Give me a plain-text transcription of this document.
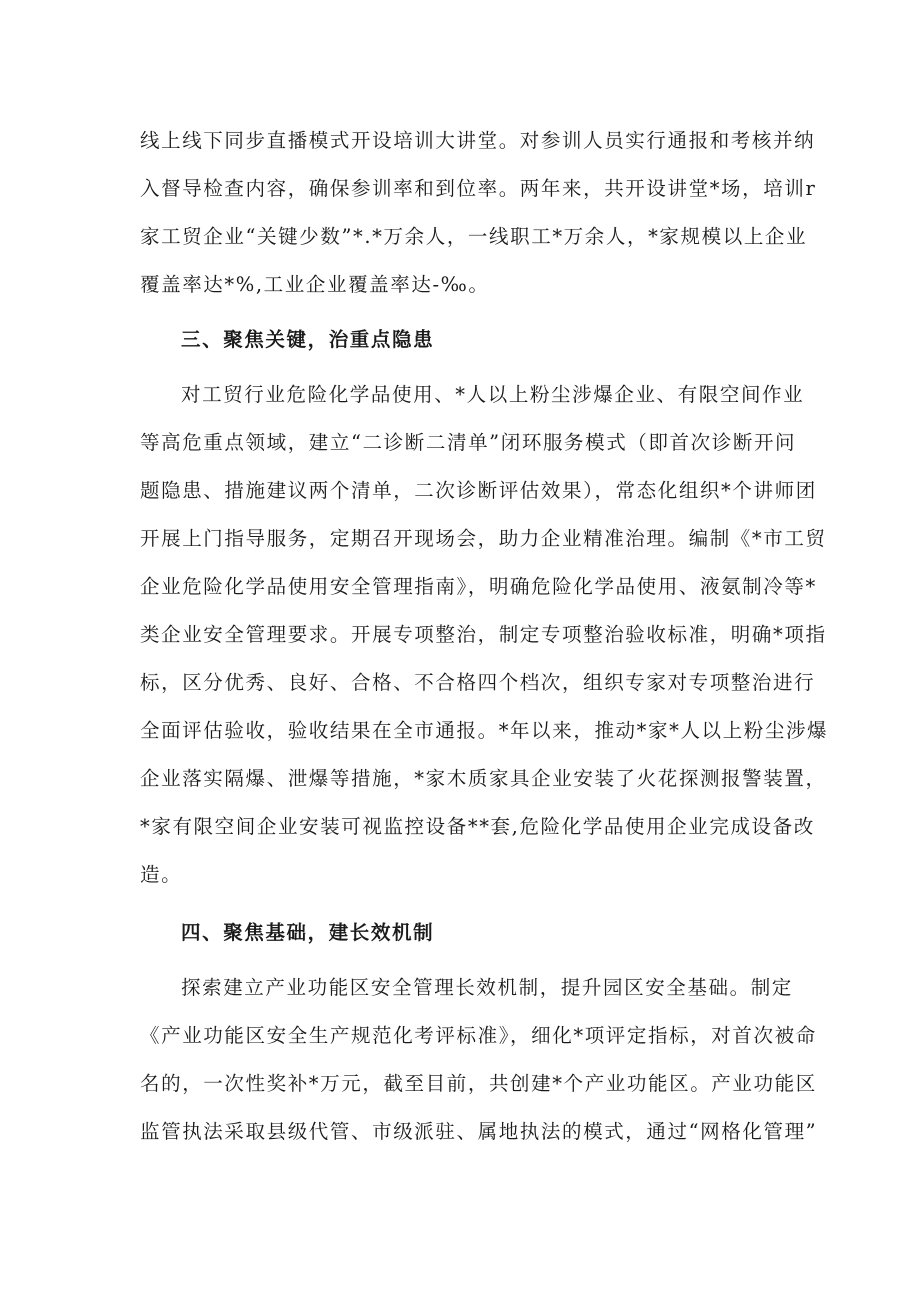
线上线下同步直播模式开设培训大讲堂。对参训人员实行通报和考核并纳
入督导检查内容，确保参训率和到位率。两年来，共开设讲堂*场，培训r
家工贸企业“关键少数”*.*万余人，一线职工*万余人，*家规模以上企业
覆盖率达*%,工业企业覆盖率达-‰。
三、聚焦关键，治重点隐患
对工贸行业危险化学品使用、*人以上粉尘涉爆企业、有限空间作业
等高危重点领域，建立“二诊断二清单”闭环服务模式（即首次诊断开问
题隐患、措施建议两个清单，二次诊断评估效果），常态化组织*个讲师团
开展上门指导服务，定期召开现场会，助力企业精准治理。编制《*市工贸
企业危险化学品使用安全管理指南》，明确危险化学品使用、液氨制冷等*
类企业安全管理要求。开展专项整治，制定专项整治验收标准，明确*项指
标，区分优秀、良好、合格、不合格四个档次，组织专家对专项整治进行
全面评估验收，验收结果在全市通报。*年以来，推动*家*人以上粉尘涉爆
企业落实隔爆、泄爆等措施，*家木质家具企业安装了火花探测报警装置，
*家有限空间企业安装可视监控设备**套,危险化学品使用企业完成设备改
造。
四、聚焦基础，建长效机制
探索建立产业功能区安全管理长效机制，提升园区安全基础。制定
《产业功能区安全生产规范化考评标准》，细化*项评定指标，对首次被命
名的，一次性奖补*万元，截至目前，共创建*个产业功能区。产业功能区
监管执法采取县级代管、市级派驻、属地执法的模式，通过“网格化管理”
